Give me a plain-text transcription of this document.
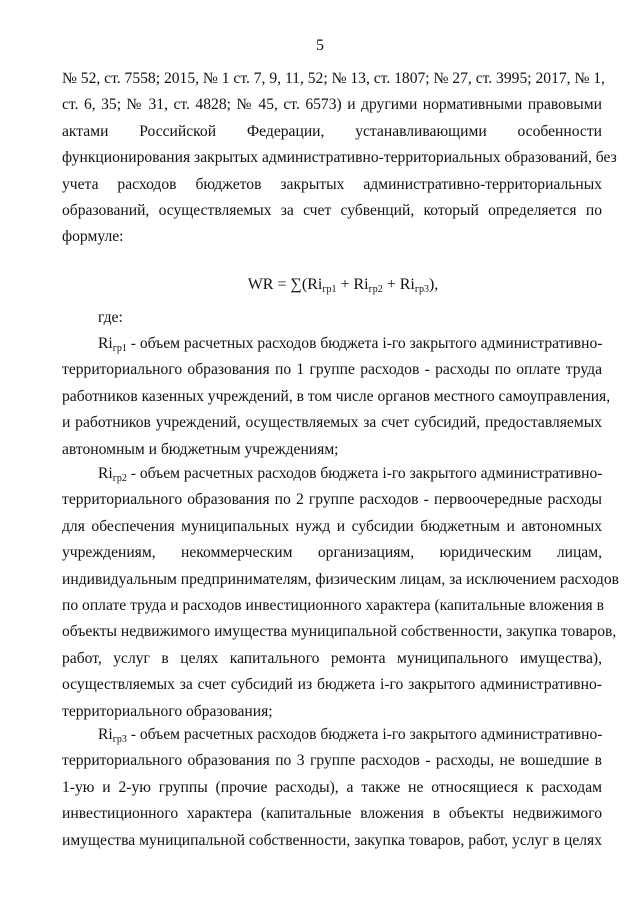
5
№ 52, ст. 7558; 2015, № 1 ст. 7, 9, 11, 52; № 13, ст. 1807; № 27, ст. 3995; 2017, № 1,
ст. 6, 35; № 31, ст. 4828; № 45, ст. 6573) и другими нормативными правовыми
актами Российской Федерации, устанавливающими особенности
функционирования закрытых административно-территориальных образований, без
учета расходов бюджетов закрытых административно-территориальных
образований, осуществляемых за счет субвенций, который определяется по
формуле:
WR = $\sum(Ri_{гр1} + Ri_{гр2} + Ri_{гр3})$,
где:
$Ri_{гр1}$ - объем расчетных расходов бюджета i-го закрытого административно-
территориального образования по 1 группе расходов - расходы по оплате труда
работников казенных учреждений, в том числе органов местного самоуправления,
и работников учреждений, осуществляемых за счет субсидий, предоставляемых
автономным и бюджетным учреждениям;
$Ri_{гр2}$ - объем расчетных расходов бюджета i-го закрытого административно-
территориального образования по 2 группе расходов - первоочередные расходы
для обеспечения муниципальных нужд и субсидии бюджетным и автономных
учреждениям, некоммерческим организациям, юридическим лицам,
индивидуальным предпринимателям, физическим лицам, за исключением расходов
по оплате труда и расходов инвестиционного характера (капитальные вложения в
объекты недвижимого имущества муниципальной собственности, закупка товаров,
работ, услуг в целях капитального ремонта муниципального имущества),
осуществляемых за счет субсидий из бюджета i-го закрытого административно-
территориального образования;
$Ri_{гр3}$ - объем расчетных расходов бюджета i-го закрытого административно-
территориального образования по 3 группе расходов - расходы, не вошедшие в
1-ую и 2-ую группы (прочие расходы), а также не относящиеся к расходам
инвестиционного характера (капитальные вложения в объекты недвижимого
имущества муниципальной собственности, закупка товаров, работ, услуг в целях
